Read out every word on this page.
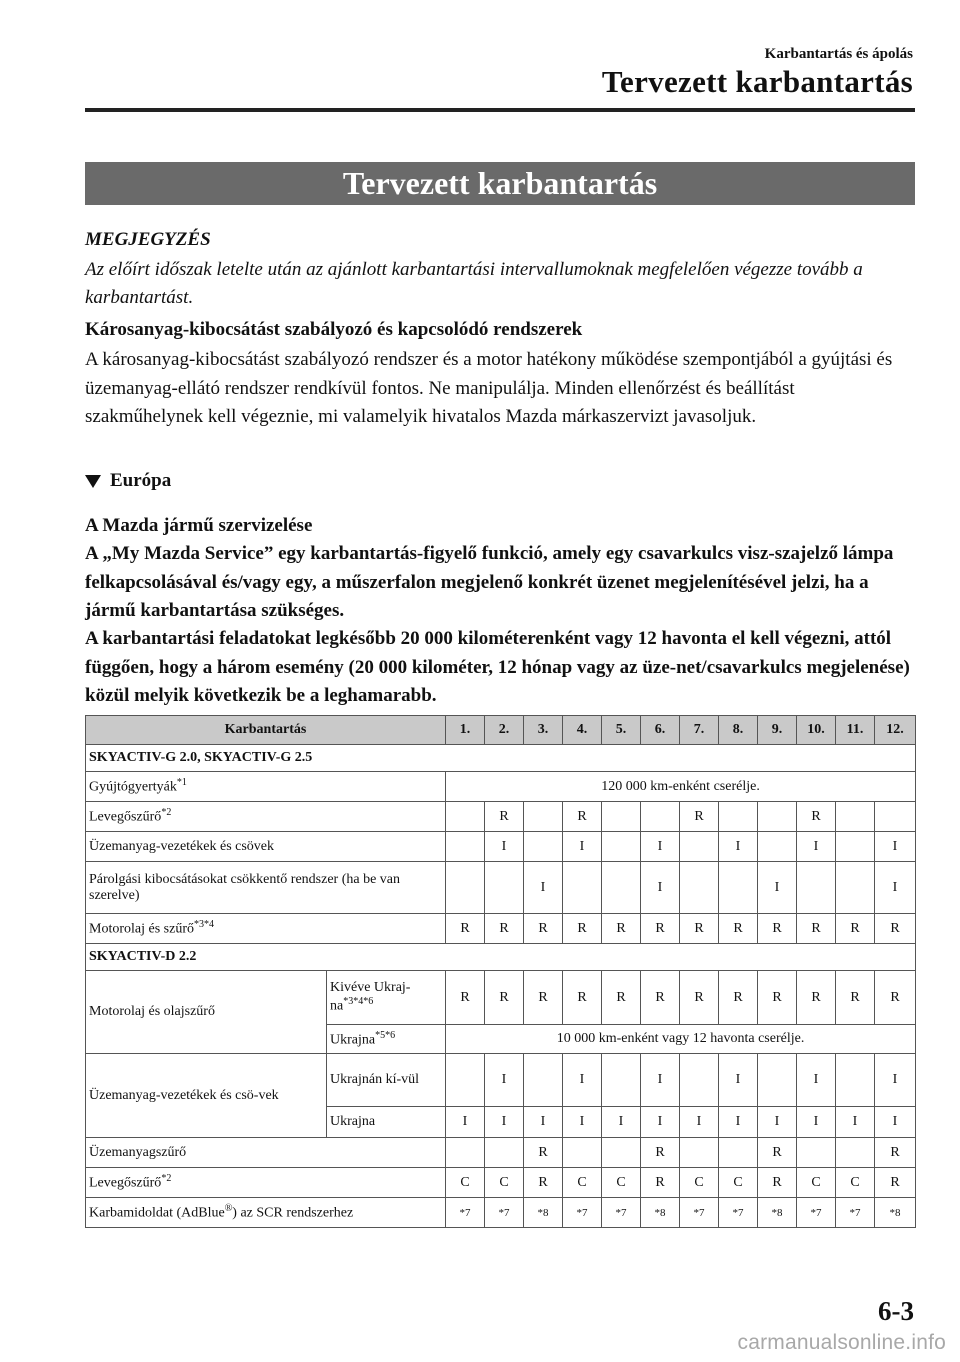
Karbantartás és ápolás
Tervezett karbantartás
Tervezett karbantartás
MEGJEGYZÉS
Az előírt időszak letelte után az ajánlott karbantartási intervallumoknak megfelelően végezze tovább a karbantartást.
Károsanyag-kibocsátást szabályozó és kapcsolódó rendszerek
A károsanyag-kibocsátást szabályozó rendszer és a motor hatékony működése szempontjából a gyújtási és üzemanyag-ellátó rendszer rendkívül fontos. Ne manipulálja. Minden ellenőrzést és beállítást szakműhelynek kell végeznie, mi valamelyik hivatalos Mazda márkaszervizt javasoljuk.
Európa
A Mazda jármű szervizelése
A „My Mazda Service” egy karbantartás-figyelő funkció, amely egy csavarkulcs visz-szajelző lámpa felkapcsolásával és/vagy egy, a műszerfalon megjelenő konkrét üzenet megjelenítésével jelzi, ha a jármű karbantartása szükséges.
A karbantartási feladatokat legkésőbb 20 000 kilométerenként vagy 12 havonta el kell végezni, attól függően, hogy a három esemény (20 000 kilométer, 12 hónap vagy az üze-net/csavarkulcs megjelenése) közül melyik következik be a leghamarabb.
Karbantartás		1.	2.	3.	4.	5.	6.	7.	8.	9.	10.	11.	12.
SKYACTIV-G 2.0, SKYACTIV-G 2.5													
Gyújtógyertyák$^{*1}$		120 000 km-enként cserélje.											
Levegőszűrő$^{*2}$			R		R			R			R		
Üzemanyag-vezetékek és csövek			I		I		I		I		I		I
Párolgási kibocsátásokat csökkentő rendszer (ha be van szerelve)				I			I			I			I
Motorolaj és szűrő$^{*3*4}$		R	R	R	R	R	R	R	R	R	R	R	R
SKYACTIV-D 2.2													
Motorolaj és olajszűrő	Kivéve Ukraj-$na^{*3*4*6}$	R	R	R	R	R	R	R	R	R	R	R	R
	Ukrajna$^{*5*6}$	10 000 km-enként vagy 12 havonta cserélje.											
Üzemanyag-vezetékek és csö-vek	Ukrajnán kí-vül		I		I		I		I		I		I
	Ukrajna	I	I	I	I	I	I	I	I	I	I	I	I
Üzemanyagszűrő				R			R			R			R
Levegőszűrő$^{*2}$		C	C	R	C	C	R	C	C	R	C	C	R
Karbamidoldat (AdBlue®) az SCR rendszerhez		*7	*7	*8	*7	*7	*8	*7	*7	*8	*7	*7	*8
6-3
carmanualsonline.info
